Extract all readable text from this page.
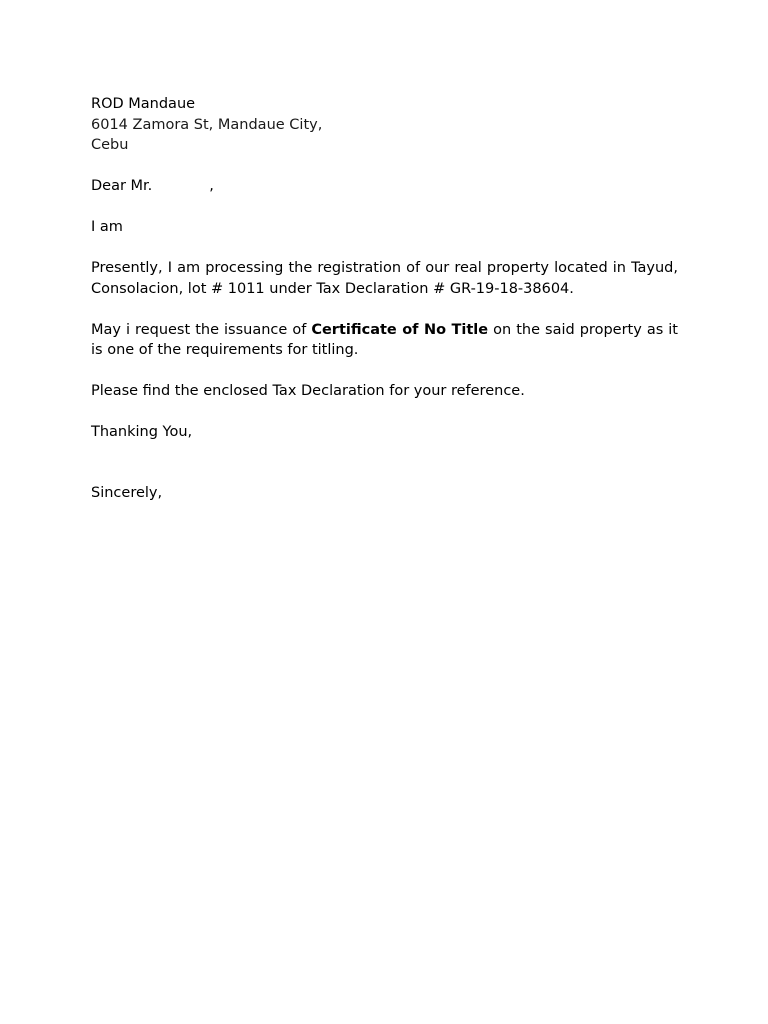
ROD Mandaue
6014 Zamora St, Mandaue City,
Cebu
Dear Mr.	,
I am
Presently, I am processing the registration of our real property located in Tayud, Consolacion, lot # 1011 under Tax Declaration # GR-19-18-38604.
May i request the issuance of Certificate of No Title on the said property as it is one of the requirements for titling.
Please find the enclosed Tax Declaration for your reference.
Thanking You,
Sincerely,
